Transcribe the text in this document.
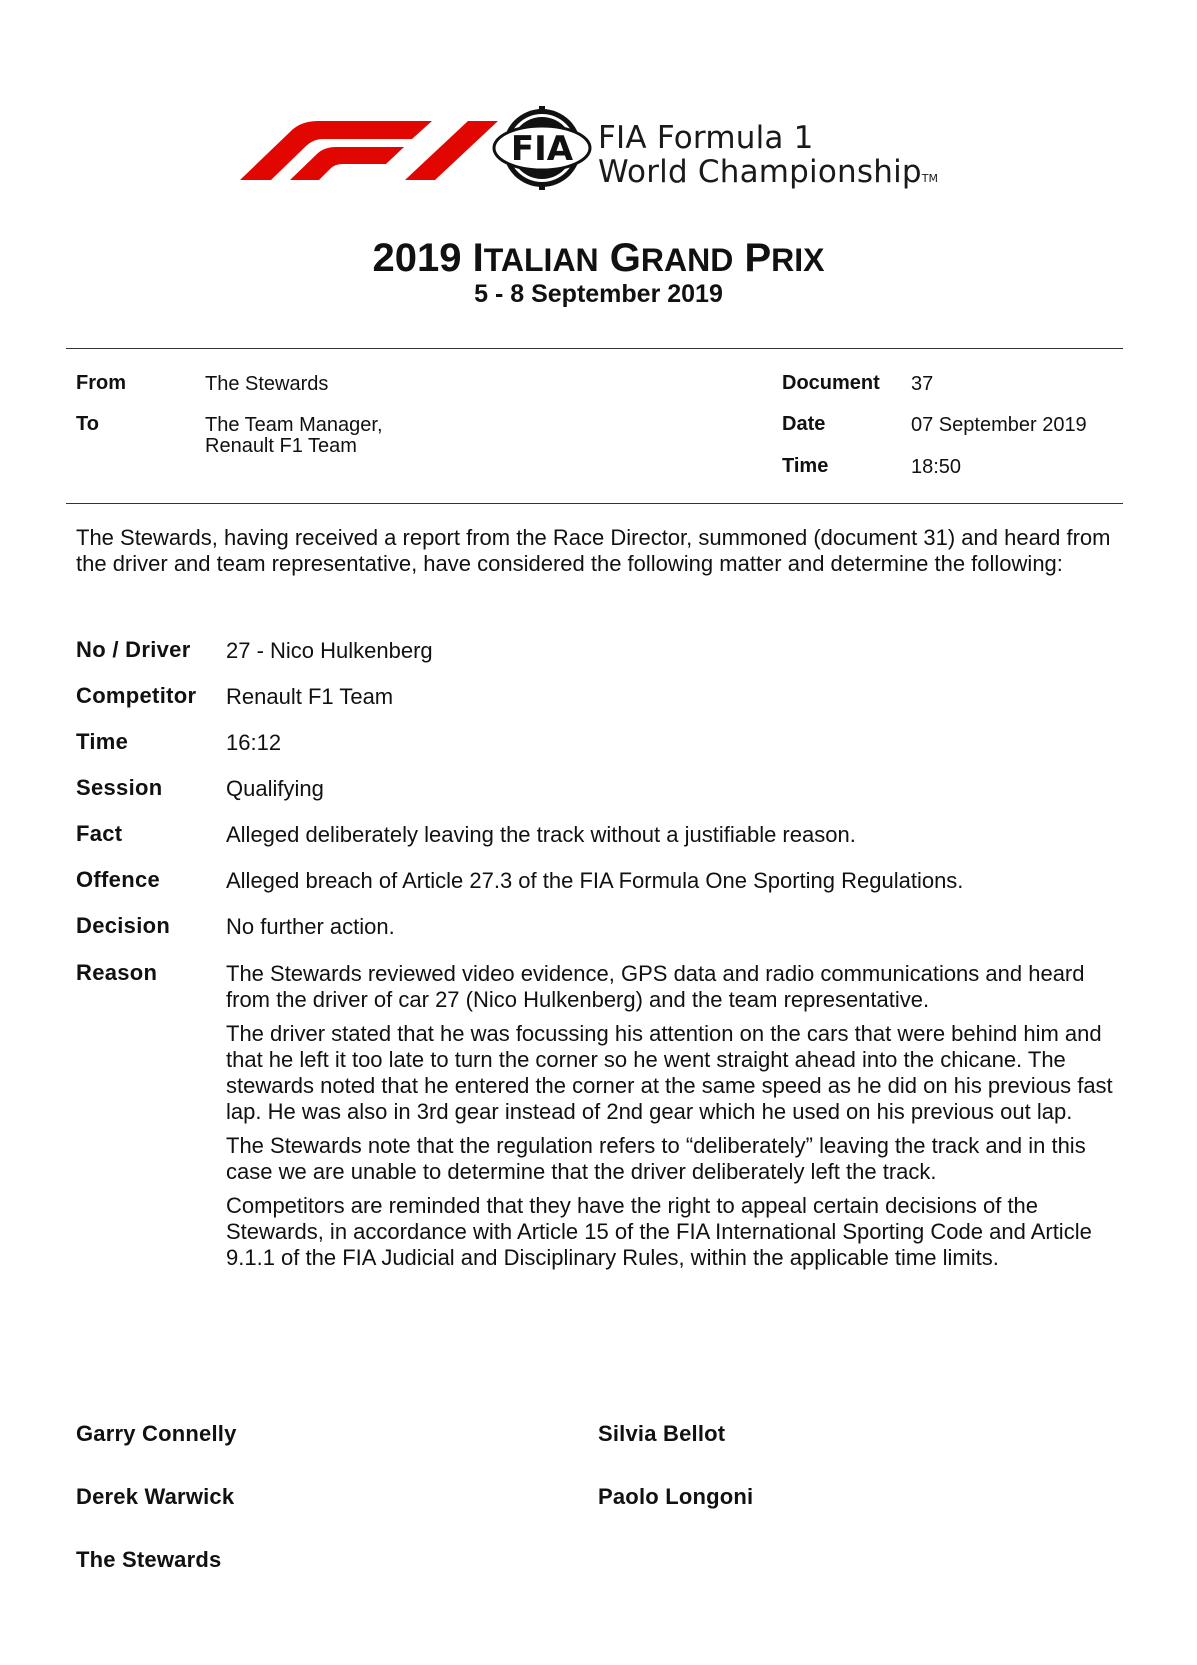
FIA FIA Formula 1
World ChampionshipTM
2019 ITALIAN GRAND PRIX
5 - 8 September 2019
From	The Stewards
To	The Team Manager,
Renault F1 Team
Document 37
Date	07 September 2019
Time	18:50
The Stewards, having received a report from the Race Director, summoned (document 31) and heard from the driver and team representative, have considered the following matter and determine the following:
No / Driver 27 - Nico Hulkenberg
Competitor Renault F1 Team
Time	16:12
Session	Qualifying
Fact	Alleged deliberately leaving the track without a justifiable reason.
Offence	Alleged breach of Article 27.3 of the FIA Formula One Sporting Regulations.
Decision	No further action.
Reason	The Stewards reviewed video evidence, GPS data and radio communications and heard from the driver of car 27 (Nico Hulkenberg) and the team representative.

The driver stated that he was focussing his attention on the cars that were behind him and that he left it too late to turn the corner so he went straight ahead into the chicane. The stewards noted that he entered the corner at the same speed as he did on his previous fast lap. He was also in 3rd gear instead of 2nd gear which he used on his previous out lap.

The Stewards note that the regulation refers to “deliberately” leaving the track and in this case we are unable to determine that the driver deliberately left the track.

Competitors are reminded that they have the right to appeal certain decisions of the Stewards, in accordance with Article 15 of the FIA International Sporting Code and Article 9.1.1 of the FIA Judicial and Disciplinary Rules, within the applicable time limits.

Garry Connelly	Silvia Bellot
Derek Warwick	Paolo Longoni
The Stewards
